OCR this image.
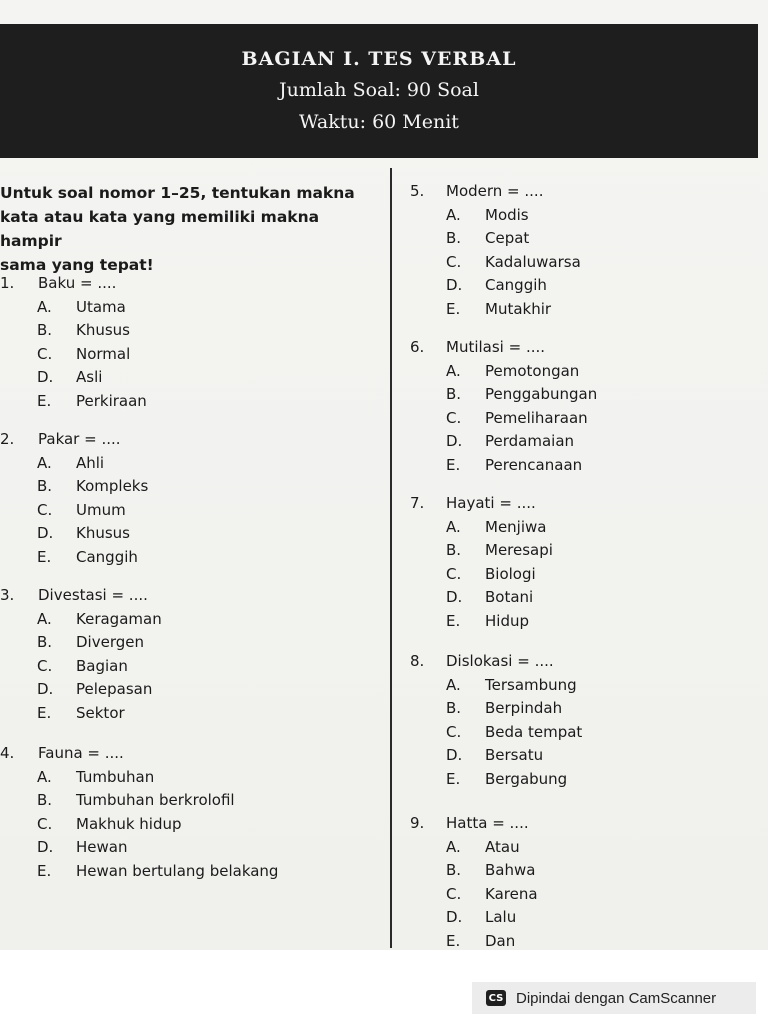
BAGIAN I. TES VERBAL
Jumlah Soal: 90 Soal
Waktu: 60 Menit
Untuk soal nomor 1–25, tentukan makna
kata atau kata yang memiliki makna hampir
sama yang tepat!
1. Baku = ....
A. Utama
B. Khusus
C. Normal
D. Asli
E. Perkiraan
2. Pakar = ....
A. Ahli
B. Kompleks
C. Umum
D. Khusus
E. Canggih
3. Divestasi = ....
A. Keragaman
B. Divergen
C. Bagian
D. Pelepasan
E. Sektor
4. Fauna = ....
A. Tumbuhan
B. Tumbuhan berkrolofil
C. Makhuk hidup
D. Hewan
E. Hewan bertulang belakang
5. Modern = ....
A. Modis
B. Cepat
C. Kadaluwarsa
D. Canggih
E. Mutakhir
6. Mutilasi = ....
A. Pemotongan
B. Penggabungan
C. Pemeliharaan
D. Perdamaian
E. Perencanaan
7. Hayati = ....
A. Menjiwa
B. Meresapi
C. Biologi
D. Botani
E. Hidup
8. Dislokasi = ....
A. Tersambung
B. Berpindah
C. Beda tempat
D. Bersatu
E. Bergabung
9. Hatta = ....
A. Atau
B. Bahwa
C. Karena
D. Lalu
E. Dan
CS Dipindai dengan CamScanner
